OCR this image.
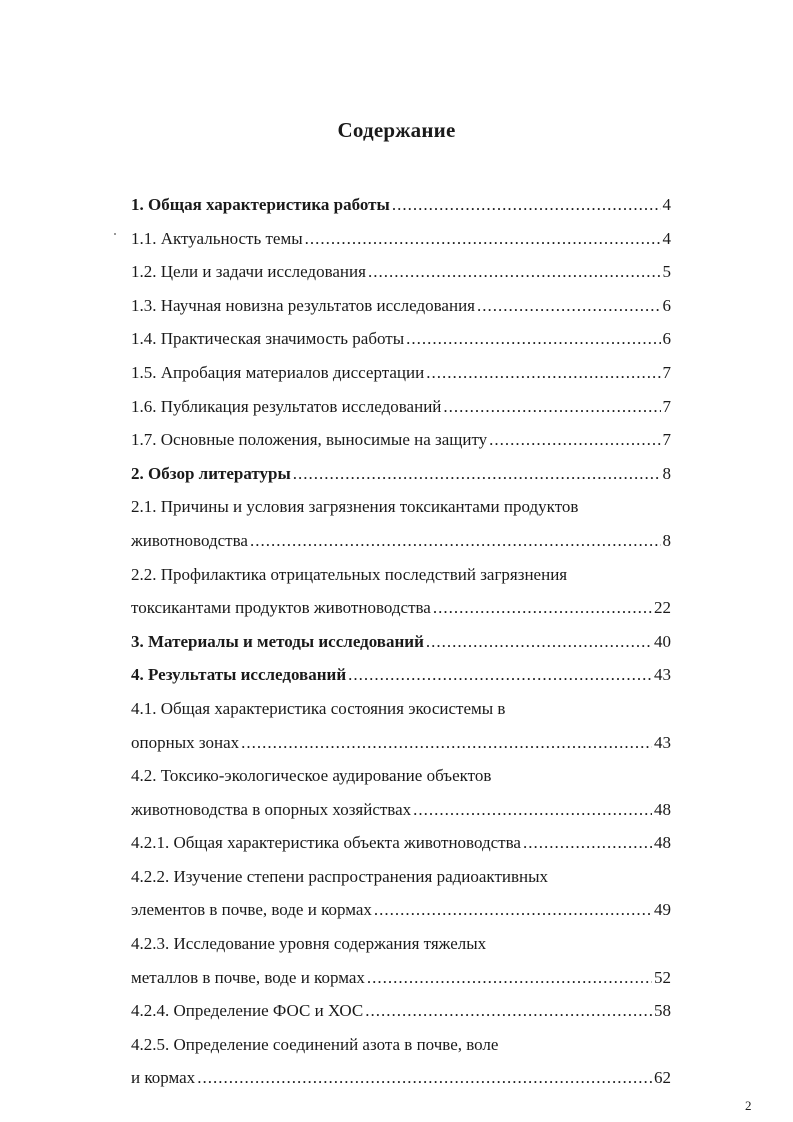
Содержание
1. Общая характеристика работы .....	4
1.1. Актуальность темы .....	4
1.2. Цели и задачи исследования .....	5
1.3. Научная новизна результатов исследования .....	6
1.4. Практическая значимость работы .....	6
1.5. Апробация материалов диссертации .....	7
1.6. Публикация результатов исследований .....	7
1.7. Основные положения, выносимые на защиту .....	7
2. Обзор литературы .....	8
2.1. Причины и условия загрязнения токсикантами продуктов
животноводства .....	8
2.2. Профилактика отрицательных последствий загрязнения
токсикантами продуктов животноводства .....	22
3. Материалы и методы исследований .....	40
4. Результаты исследований .....	43
4.1. Общая характеристика состояния экосистемы в
опорных зонах .....	43
4.2. Токсико-экологическое аудирование объектов
животноводства в опорных хозяйствах .....	48
4.2.1. Общая характеристика объекта животноводства .....	48
4.2.2. Изучение степени распространения радиоактивных
элементов в почве, воде и кормах .....	49
4.2.3. Исследование уровня содержания тяжелых
металлов в почве, воде и кормах .....	52
4.2.4. Определение ФОС и ХОС .....	58
4.2.5. Определение соединений азота в почве, воле
и кормах .....	62
2
